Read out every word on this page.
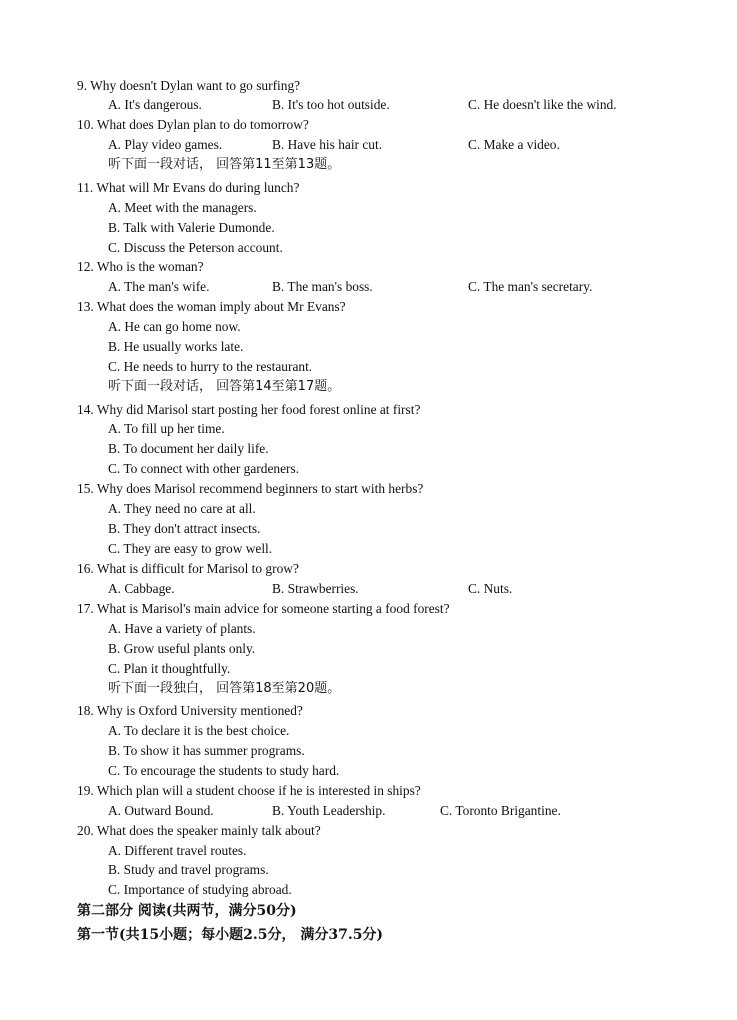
9. Why doesn't Dylan want to go surfing?
A. It's dangerous.	B. It's too hot outside.	C. He doesn't like the wind.
10. What does Dylan plan to do tomorrow?
A. Play video games.	B. Have his hair cut.	C. Make a video.
听下面一段对话， 回答第11至第13题。
11. What will Mr Evans do during lunch?
A. Meet with the managers.
B. Talk with Valerie Dumonde.
C. Discuss the Peterson account.
12. Who is the woman?
A. The man's wife.	B. The man's boss.	C. The man's secretary.
13. What does the woman imply about Mr Evans?
A. He can go home now.
B. He usually works late.
C. He needs to hurry to the restaurant.
听下面一段对话， 回答第14至第17题。
14. Why did Marisol start posting her food forest online at first?
A. To fill up her time.
B. To document her daily life.
C. To connect with other gardeners.
15. Why does Marisol recommend beginners to start with herbs?
A. They need no care at all.
B. They don't attract insects.
C. They are easy to grow well.
16. What is difficult for Marisol to grow?
A. Cabbage.	B. Strawberries.	C. Nuts.
17. What is Marisol's main advice for someone starting a food forest?
A. Have a variety of plants.
B. Grow useful plants only.
C. Plan it thoughtfully.
听下面一段独白， 回答第18至第20题。
18. Why is Oxford University mentioned?
A. To declare it is the best choice.
B. To show it has summer programs.
C. To encourage the students to study hard.
19. Which plan will a student choose if he is interested in ships?
A. Outward Bound.	B. Youth Leadership.	C. Toronto Brigantine.
20. What does the speaker mainly talk about?
A. Different travel routes.
B. Study and travel programs.
C. Importance of studying abroad.
第二部分 阅读(共两节，满分50分)
第一节(共15小题；每小题2.5分， 满分37.5分)
